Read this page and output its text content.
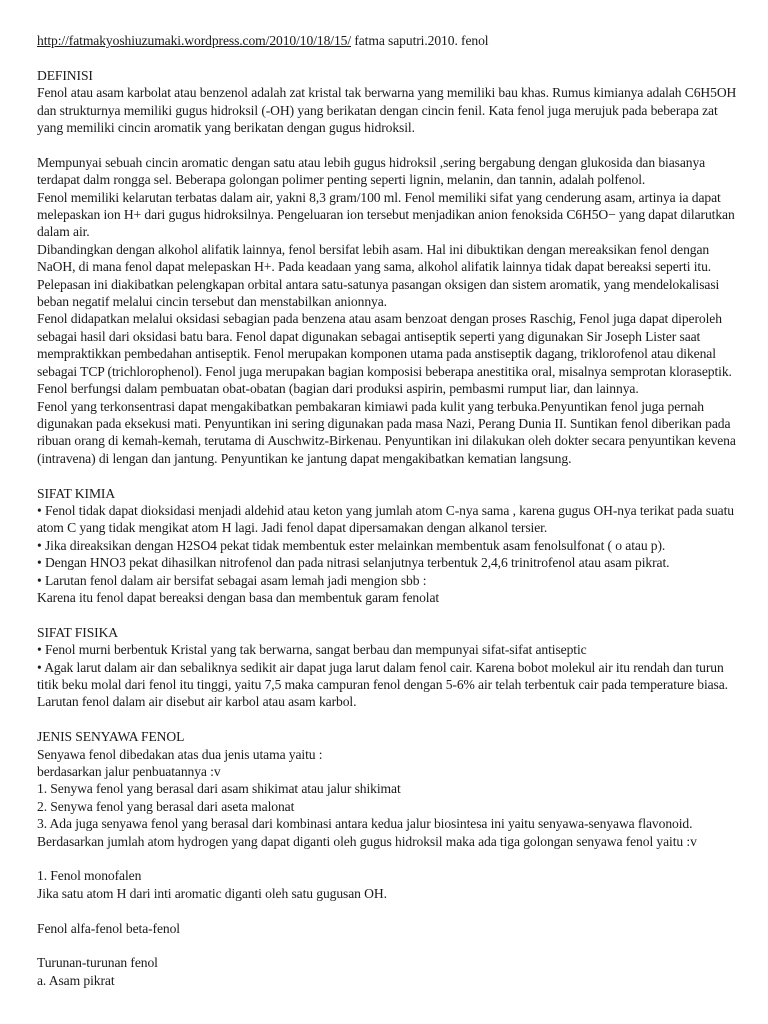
http://fatmakyoshiuzumaki.wordpress.com/2010/10/18/15/ fatma saputri.2010. fenol
DEFINISI
Fenol atau asam karbolat atau benzenol adalah zat kristal tak berwarna yang memiliki bau khas. Rumus kimianya adalah C6H5OH dan strukturnya memiliki gugus hidroksil (-OH) yang berikatan dengan cincin fenil. Kata fenol juga merujuk pada beberapa zat yang memiliki cincin aromatik yang berikatan dengan gugus hidroksil.
Mempunyai sebuah cincin aromatic dengan satu atau lebih gugus hidroksil ,sering bergabung dengan glukosida dan biasanya terdapat dalm rongga sel. Beberapa golongan polimer penting seperti lignin, melanin, dan tannin, adalah polfenol.
Fenol memiliki kelarutan terbatas dalam air, yakni 8,3 gram/100 ml. Fenol memiliki sifat yang cenderung asam, artinya ia dapat melepaskan ion H+ dari gugus hidroksilnya. Pengeluaran ion tersebut menjadikan anion fenoksida C6H5O− yang dapat dilarutkan dalam air.
Dibandingkan dengan alkohol alifatik lainnya, fenol bersifat lebih asam. Hal ini dibuktikan dengan mereaksikan fenol dengan NaOH, di mana fenol dapat melepaskan H+. Pada keadaan yang sama, alkohol alifatik lainnya tidak dapat bereaksi seperti itu. Pelepasan ini diakibatkan pelengkapan orbital antara satu-satunya pasangan oksigen dan sistem aromatik, yang mendelokalisasi beban negatif melalui cincin tersebut dan menstabilkan anionnya.
Fenol didapatkan melalui oksidasi sebagian pada benzena atau asam benzoat dengan proses Raschig, Fenol juga dapat diperoleh sebagai hasil dari oksidasi batu bara. Fenol dapat digunakan sebagai antiseptik seperti yang digunakan Sir Joseph Lister saat mempraktikkan pembedahan antiseptik. Fenol merupakan komponen utama pada anstiseptik dagang, triklorofenol atau dikenal sebagai TCP (trichlorophenol). Fenol juga merupakan bagian komposisi beberapa anestitika oral, misalnya semprotan kloraseptik.
Fenol berfungsi dalam pembuatan obat-obatan (bagian dari produksi aspirin, pembasmi rumput liar, dan lainnya.
Fenol yang terkonsentrasi dapat mengakibatkan pembakaran kimiawi pada kulit yang terbuka.Penyuntikan fenol juga pernah digunakan pada eksekusi mati. Penyuntikan ini sering digunakan pada masa Nazi, Perang Dunia II. Suntikan fenol diberikan pada ribuan orang di kemah-kemah, terutama di Auschwitz-Birkenau. Penyuntikan ini dilakukan oleh dokter secara penyuntikan kevena (intravena) di lengan dan jantung. Penyuntikan ke jantung dapat mengakibatkan kematian langsung.
SIFAT KIMIA
• Fenol tidak dapat dioksidasi menjadi aldehid atau keton yang jumlah atom C-nya sama , karena gugus OH-nya terikat pada suatu atom C yang tidak mengikat atom H lagi. Jadi fenol dapat dipersamakan dengan alkanol tersier.
• Jika direaksikan dengan H2SO4 pekat tidak membentuk ester melainkan membentuk asam fenolsulfonat ( o atau p).
• Dengan HNO3 pekat dihasilkan nitrofenol dan pada nitrasi selanjutnya terbentuk 2,4,6 trinitrofenol atau asam pikrat.
• Larutan fenol dalam air bersifat sebagai asam lemah jadi mengion sbb :
Karena itu fenol dapat bereaksi dengan basa dan membentuk garam fenolat
SIFAT FISIKA
• Fenol murni berbentuk Kristal yang tak berwarna, sangat berbau dan mempunyai sifat-sifat antiseptic
• Agak larut dalam air dan sebaliknya sedikit air dapat juga larut dalam fenol cair. Karena bobot molekul air itu rendah dan turun titik beku molal dari fenol itu tinggi, yaitu 7,5 maka campuran fenol dengan 5-6% air telah terbentuk cair pada temperature biasa. Larutan fenol dalam air disebut air karbol atau asam karbol.
JENIS SENYAWA FENOL
Senyawa fenol dibedakan atas dua jenis utama yaitu :
berdasarkan jalur penbuatannya :v
1. Senywa fenol yang berasal dari asam shikimat atau jalur shikimat
2. Senywa fenol yang berasal dari aseta malonat
3. Ada juga senyawa fenol yang berasal dari kombinasi antara kedua jalur biosintesa ini yaitu senyawa-senyawa flavonoid.
Berdasarkan jumlah atom hydrogen yang dapat diganti oleh gugus hidroksil maka ada tiga golongan senyawa fenol yaitu :v
1. Fenol monofalen
Jika satu atom H dari inti aromatic diganti oleh satu gugusan OH.
Fenol alfa-fenol beta-fenol
Turunan-turunan fenol
a. Asam pikrat
